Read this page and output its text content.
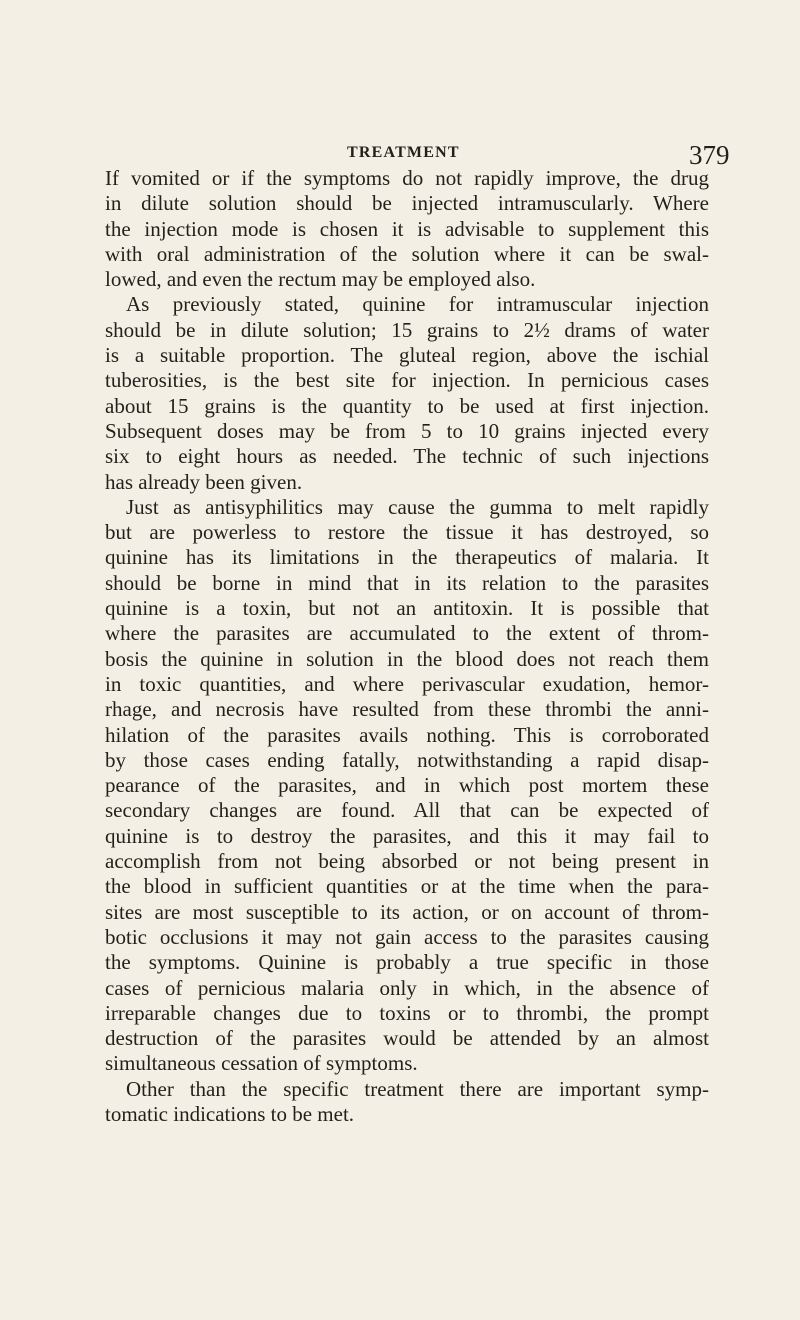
TREATMENT	379
If vomited or if the symptoms do not rapidly improve, the drug
in dilute solution should be injected intramuscularly. Where
the injection mode is chosen it is advisable to supplement this
with oral administration of the solution where it can be swal-
lowed, and even the rectum may be employed also.
As previously stated, quinine for intramuscular injection
should be in dilute solution; 15 grains to 2½ drams of water
is a suitable proportion. The gluteal region, above the ischial
tuberosities, is the best site for injection. In pernicious cases
about 15 grains is the quantity to be used at first injection.
Subsequent doses may be from 5 to 10 grains injected every
six to eight hours as needed. The technic of such injections
has already been given.
Just as antisyphilitics may cause the gumma to melt rapidly
but are powerless to restore the tissue it has destroyed, so
quinine has its limitations in the therapeutics of malaria. It
should be borne in mind that in its relation to the parasites
quinine is a toxin, but not an antitoxin. It is possible that
where the parasites are accumulated to the extent of throm-
bosis the quinine in solution in the blood does not reach them
in toxic quantities, and where perivascular exudation, hemor-
rhage, and necrosis have resulted from these thrombi the anni-
hilation of the parasites avails nothing. This is corroborated
by those cases ending fatally, notwithstanding a rapid disap-
pearance of the parasites, and in which post mortem these
secondary changes are found. All that can be expected of
quinine is to destroy the parasites, and this it may fail to
accomplish from not being absorbed or not being present in
the blood in sufficient quantities or at the time when the para-
sites are most susceptible to its action, or on account of throm-
botic occlusions it may not gain access to the parasites causing
the symptoms. Quinine is probably a true specific in those
cases of pernicious malaria only in which, in the absence of
irreparable changes due to toxins or to thrombi, the prompt
destruction of the parasites would be attended by an almost
simultaneous cessation of symptoms.
Other than the specific treatment there are important symp-
tomatic indications to be met.
